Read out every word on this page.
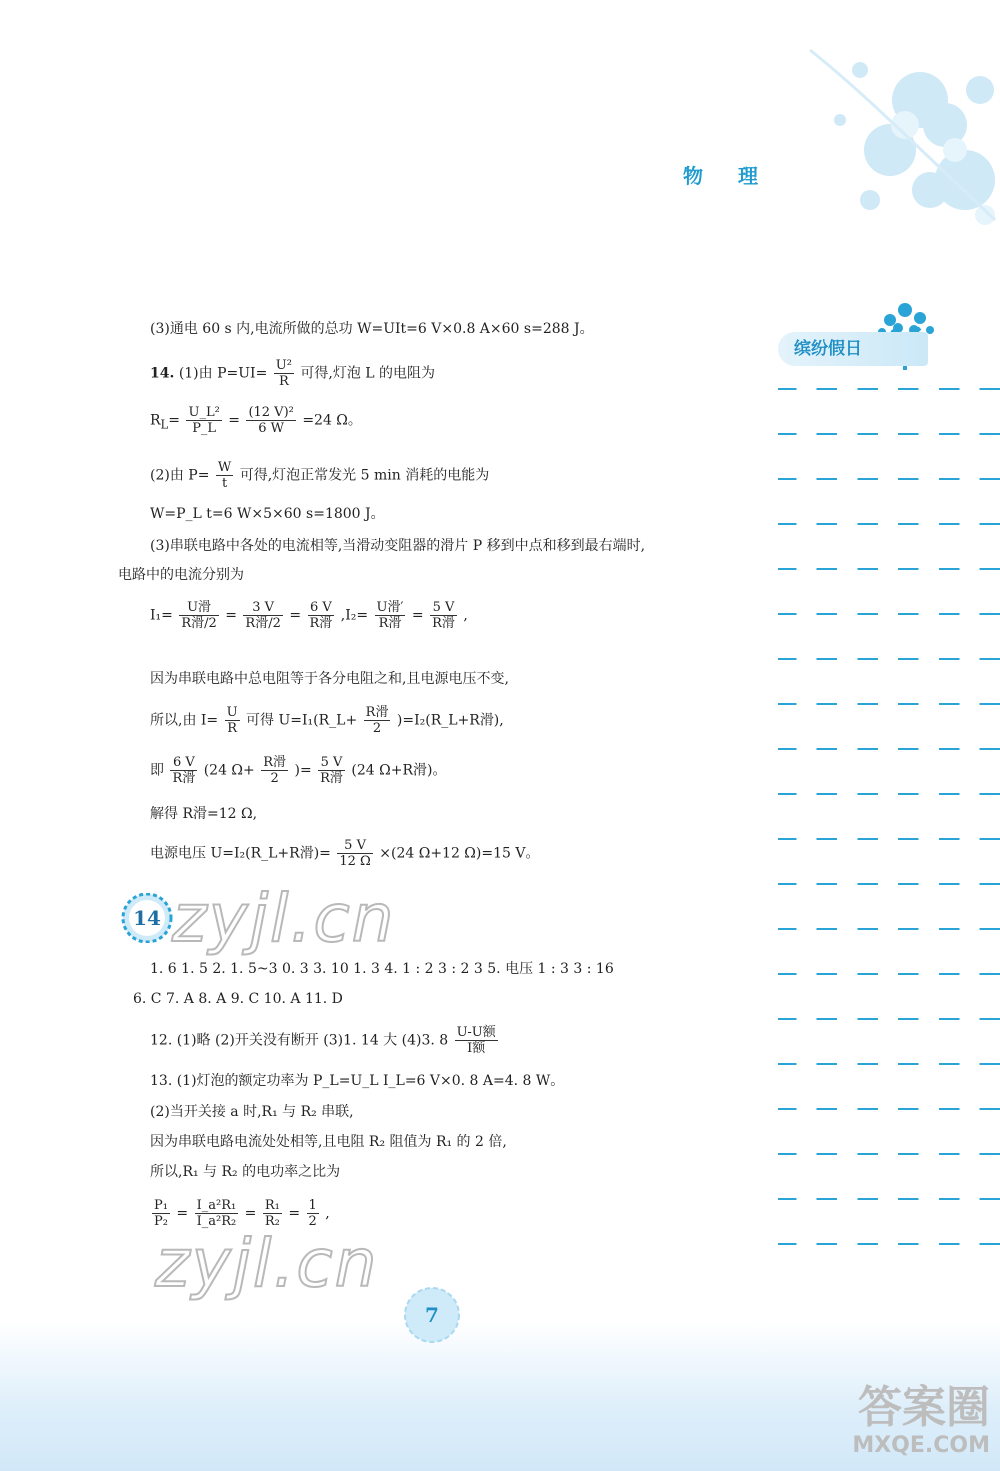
物 理
缤纷假日
(3)通电 60 s 内,电流所做的总功 W=UIt=6 V×0.8 A×60 s=288 J。
14. (1)由 $P=UI= \frac{\text{U²}}{R}$ 可得,灯泡 L 的电阻为
$R_L= \frac{\text{U\_L²}}{P\_L} = \frac{\text{(12 V)²}}{6 W} =24$ Ω。
(2)由 $P= \frac{W}{t}$ 可得,灯泡正常发光 5 min 消耗的电能为
W=P_L t=6 W×5×60 s=1800 J。
(3)串联电路中各处的电流相等,当滑动变阻器的滑片 P 移到中点和移到最右端时,
电路中的电流分别为
$I_1= \frac{\text{U滑}}{\text{R滑/2}} = \frac{3 V}{\text{R滑/2}} = \frac{6 V}{\text{R滑}} ,I_2= \frac{\text{U滑′}}{\text{R滑}} = \frac{5 V}{\text{R滑}}$ ,
因为串联电路中总电阻等于各分电阻之和,且电源电压不变,
所以,由 $I= \frac{U}{R}$ 可得 U=I₁(R_L+ $\frac{\text{R滑}}{2}$ )=I₂(R_L+R滑),
即 $\frac{6 V}{\text{R滑}} (24$ $\Omega+ \frac{\text{R滑}}{2}$ )= $\frac{5 V}{\text{R滑}} (24$ Ω+R滑)。
解得 R滑=12 Ω,
电源电压 U=I₂(R_L+R滑)= $\frac{5 V}{12 \Omega} \times(24$ Ω+12 Ω)=15 V。
14 zyjl.cn
1. 6 1. 5 2. 1. 5~3 0. 3 3. 10 1. 3 4. 1 : 2 3 : 2 3 5. 电压 1 : 3 3 : 16
6. C 7. A 8. A 9. C 10. A 11. D
12. (1)略 (2)开关没有断开 (3)1. 14 大 (4)3. $8 \frac{\text{U-U额}}{\text{I额}}$
13. (1)灯泡的额定功率为 P_L=U_L I_L=6 V×0. 8 A=4. 8 W。
(2)当开关接 a 时,R₁ 与 R₂ 串联,
因为串联电路电流处处相等,且电阻 R₂ 阻值为 R₁ 的 2 倍,
所以,R₁ 与 R₂ 的电功率之比为
$\frac{\text{P₁}}{\text{P₂}} = \frac{\text{I\_a²R₁}}{\text{I\_a²R₂}} = \frac{\text{R₁}}{\text{R₂}} = \frac{1}{2}$ ,
zyjl.cn
7
答案圈
MXQE.COM
